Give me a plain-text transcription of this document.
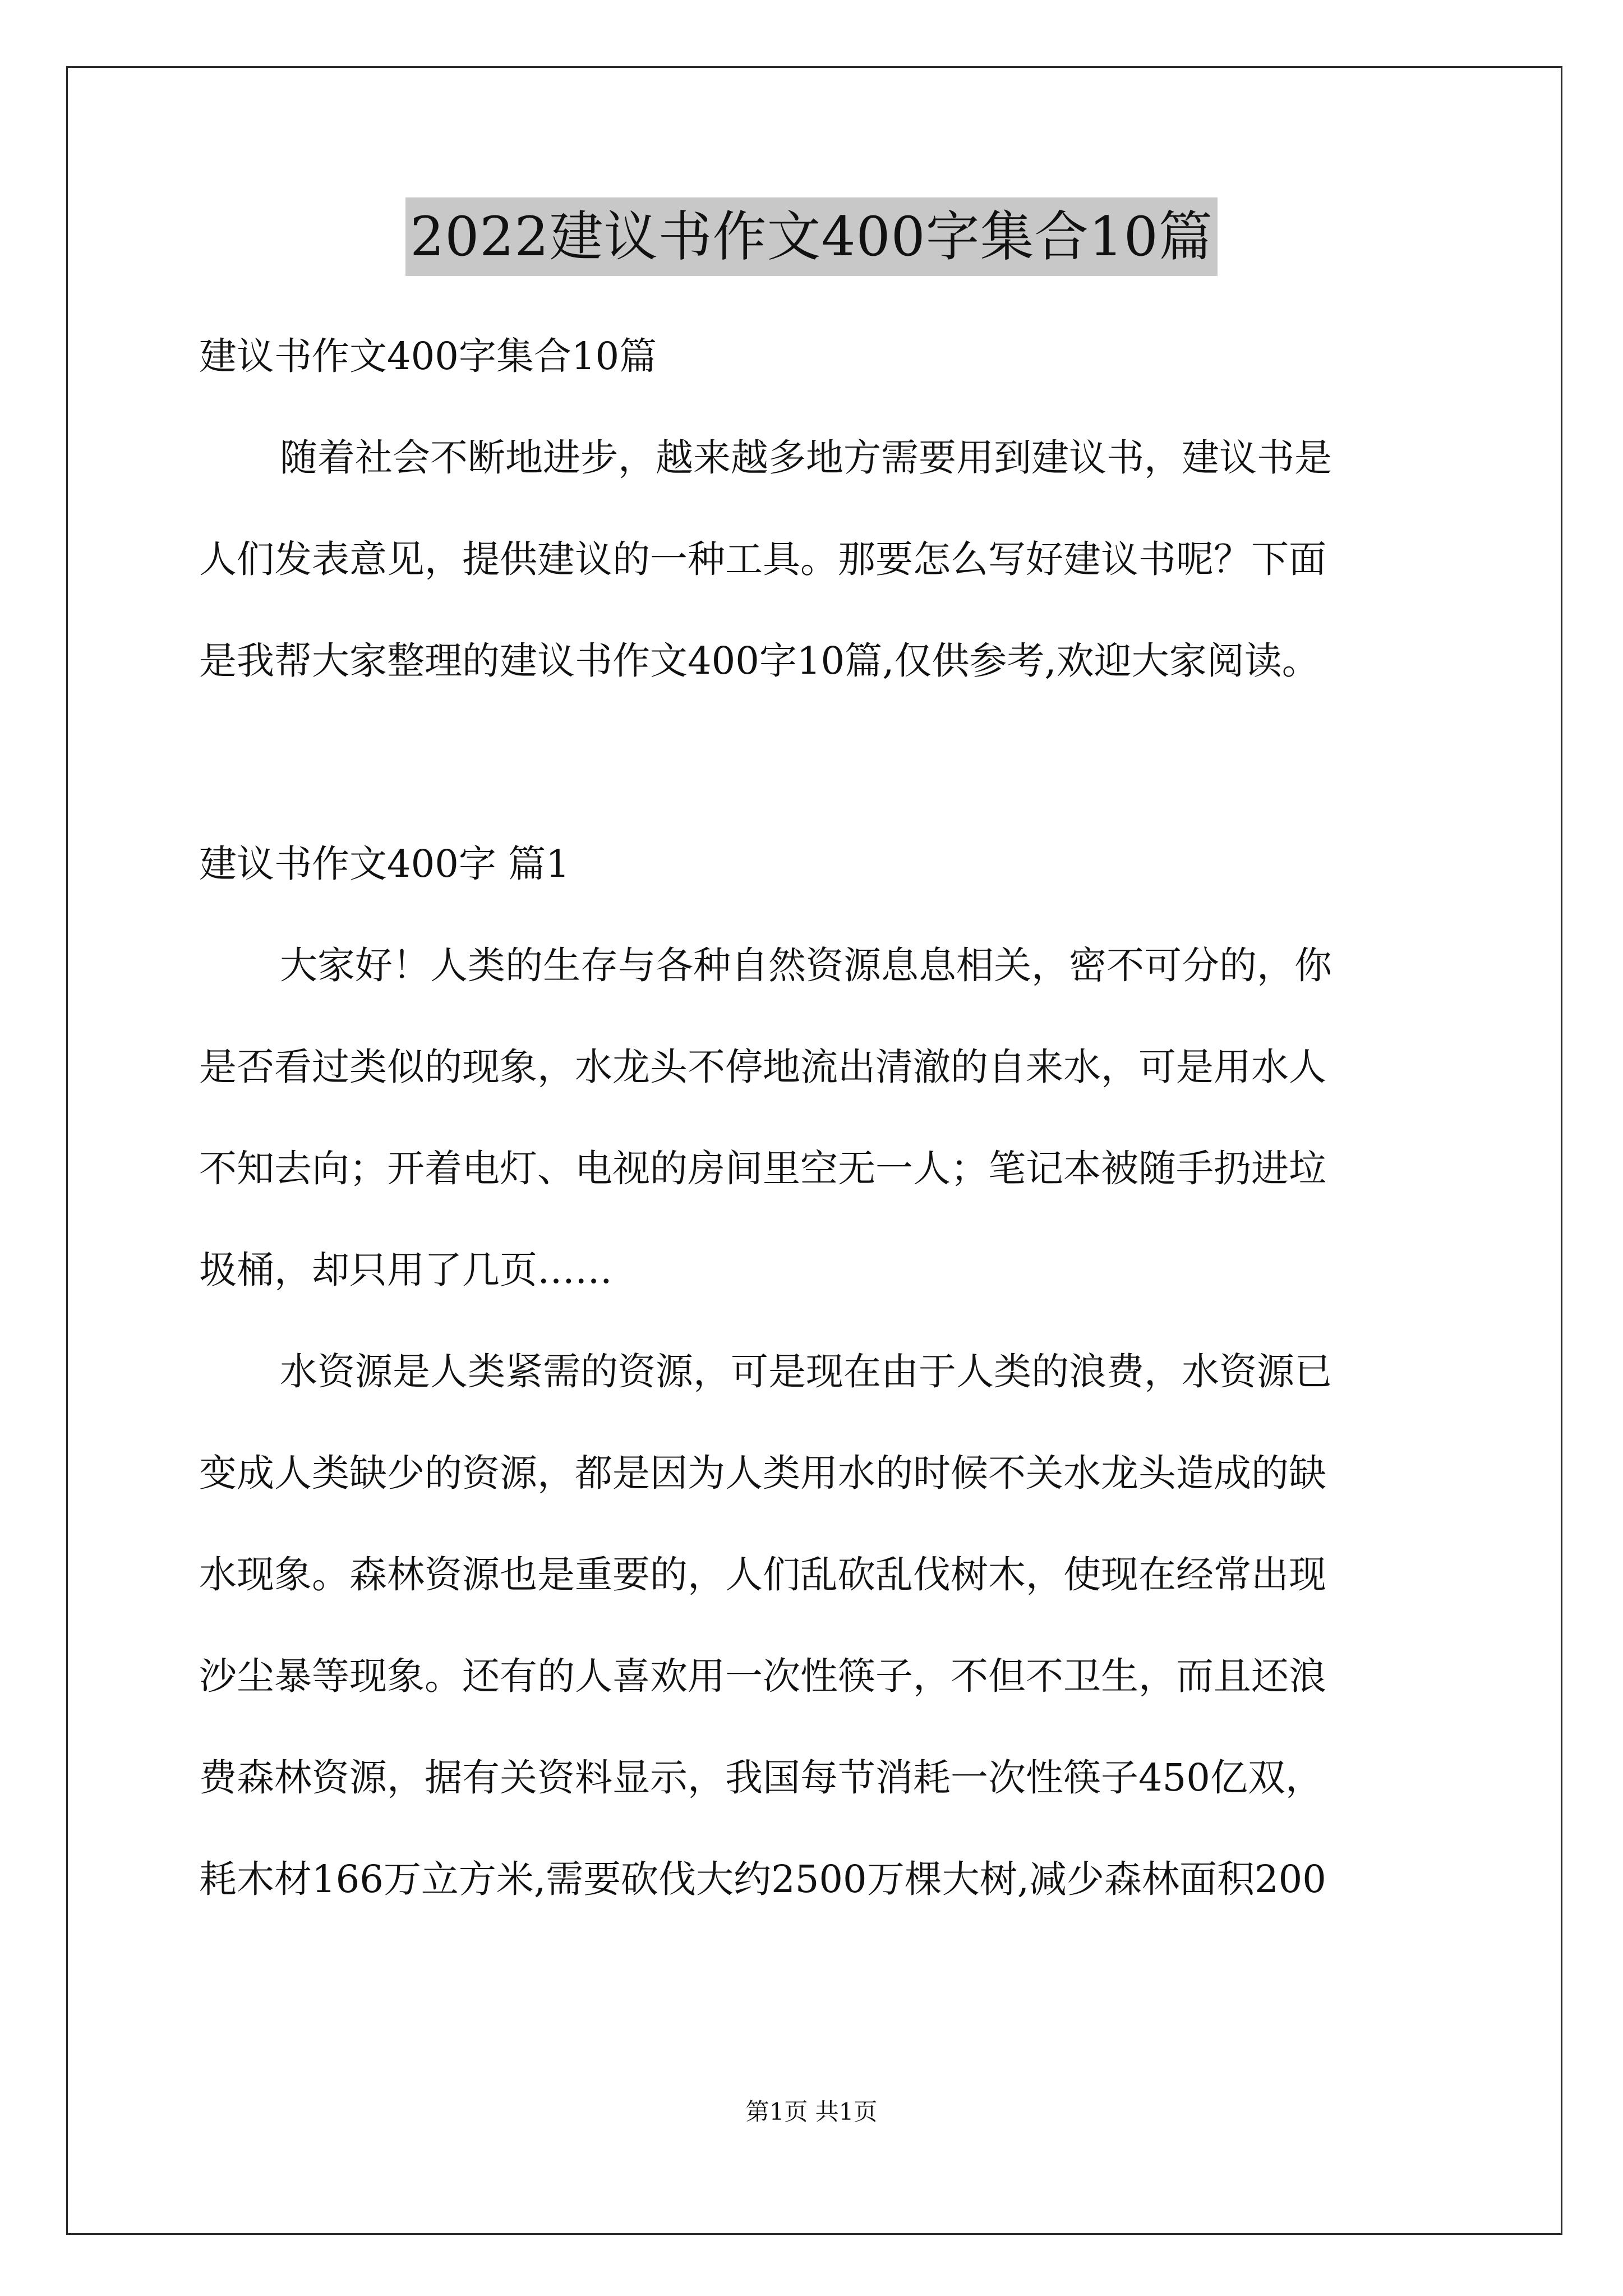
2022建议书作文400字集合10篇
建议书作文400字集合10篇
随着社会不断地进步，越来越多地方需要用到建议书，建议书是
人们发表意见，提供建议的一种工具。那要怎么写好建议书呢？下面
是我帮大家整理的建议书作文400字10篇,仅供参考,欢迎大家阅读。
建议书作文400字 篇1
大家好！人类的生存与各种自然资源息息相关，密不可分的，你
是否看过类似的现象，水龙头不停地流出清澈的自来水，可是用水人
不知去向；开着电灯、电视的房间里空无一人；笔记本被随手扔进垃
圾桶，却只用了几页……
水资源是人类紧需的资源，可是现在由于人类的浪费，水资源已
变成人类缺少的资源，都是因为人类用水的时候不关水龙头造成的缺
水现象。森林资源也是重要的，人们乱砍乱伐树木，使现在经常出现
沙尘暴等现象。还有的人喜欢用一次性筷子，不但不卫生，而且还浪
费森林资源，据有关资料显示，我国每节消耗一次性筷子450亿双，
耗木材166万立方米,需要砍伐大约2500万棵大树,减少森林面积200
第1页 共1页
